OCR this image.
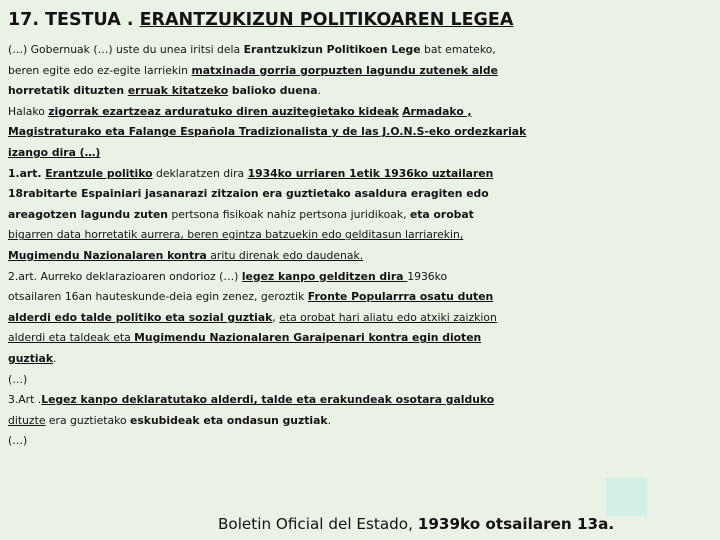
17. TESTUA . ERANTZUKIZUN POLITIKOAREN LEGEA
(…) Gobernuak (…) uste du unea iritsi dela Erantzukizun Politikoen Lege bat emateko,
beren egite edo ez-egite larriekin matxinada gorria gorpuzten lagundu zutenek alde
horretatik dituzten erruak kitatzeko balioko duena.
Halako zigorrak ezartzeaz arduratuko diren auzitegietako kideak Armadako ,
Magistraturako eta Falange Española Tradizionalista y de las J.O.N.S-eko ordezkariak
izango dira (…)
1.art. Erantzule politiko deklaratzen dira 1934ko urriaren 1etik 1936ko uztailaren
18rabitarte Espainiari jasanarazi zitzaion era guztietako asaldura eragiten edo
areagotzen lagundu zuten pertsona fisikoak nahiz pertsona juridikoak, eta orobat
bigarren data horretatik aurrera, beren egintza batzuekin edo gelditasun larriarekin,
Mugimendu Nazionalaren kontra aritu direnak edo daudenak.
2.art. Aurreko deklarazioaren ondorioz (…) legez kanpo gelditzen dira 1936ko
otsailaren 16an hauteskunde-deia egin zenez, geroztik Fronte Popularrra osatu duten
alderdi edo talde politiko eta sozial guztiak, eta orobat hari aliatu edo atxiki zaizkion
alderdi eta taldeak eta Mugimendu Nazionalaren Garaipenari kontra egin dioten
guztiak.
(…)
3.Art .Legez kanpo deklaratutako alderdi, talde eta erakundeak osotara galduko
dituzte era guztietako eskubideak eta ondasun guztiak.
(…)
Boletin Oficial del Estado, 1939ko otsailaren 13a.
